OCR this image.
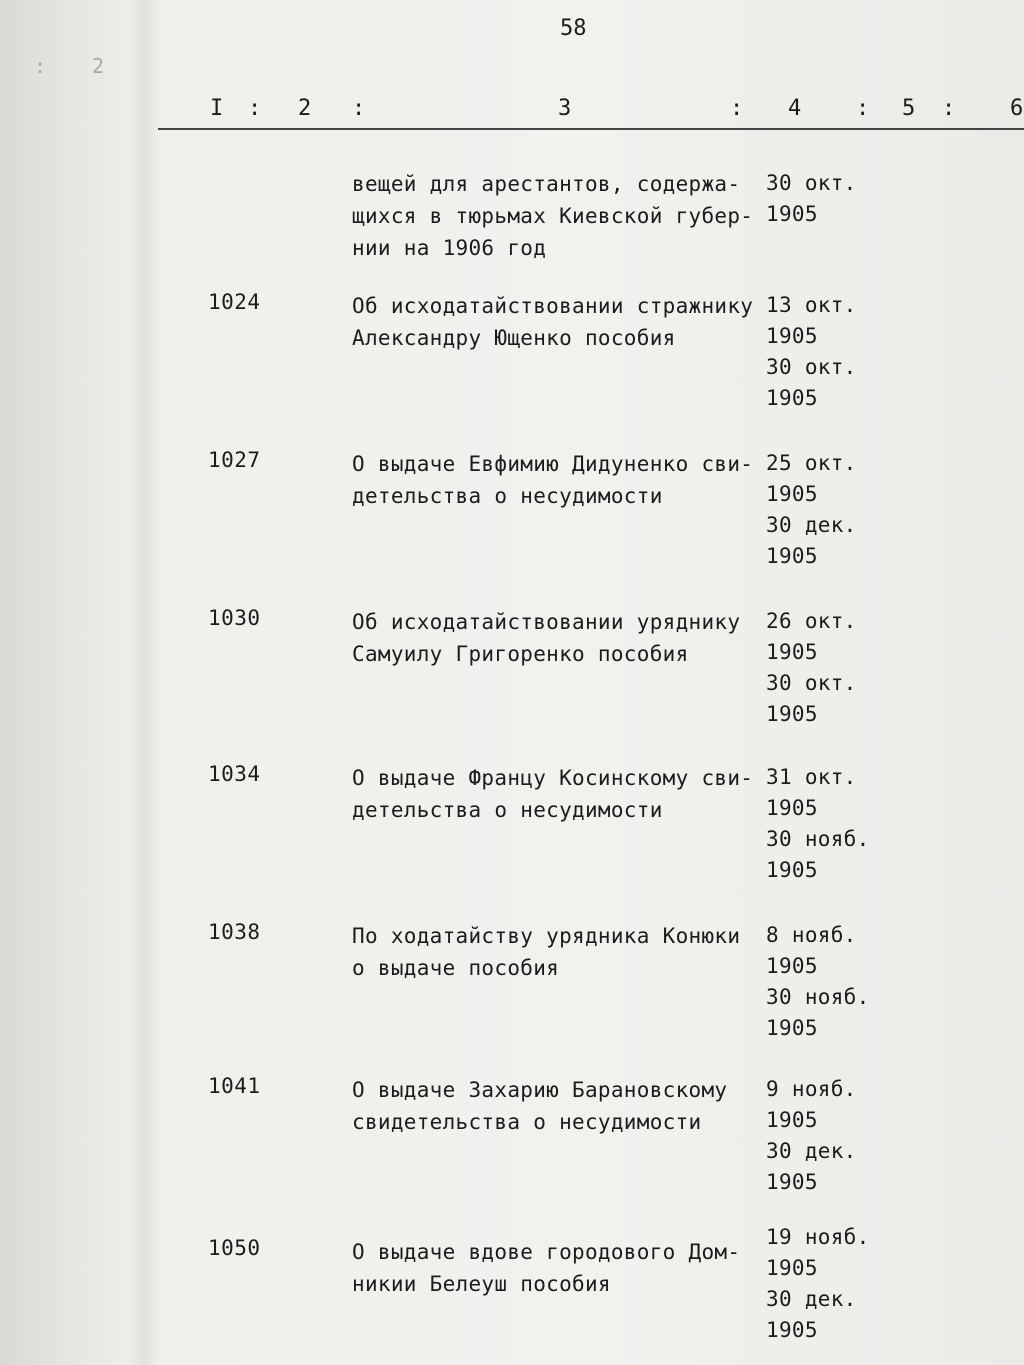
: 2
58
I : 2 :	3	: 4 : 5 : 6
вещей для арестантов, содержа-
щихся в тюрьмах Киевской губер-
нии на 1906 год
30 окт.
1905
1024	Об исходатайствовании стражнику
Александру Ющенко пособия
13 окт.
1905
30 окт.
1905
1027	О выдаче Евфимию Дидуненко сви-
детельства о несудимости
25 окт.
1905
30 дек.
1905
1030	Об исходатайствовании уряднику
Самуилу Григоренко пособия
26 окт.
1905
30 окт.
1905
1034	О выдаче Францу Косинскому сви-
детельства о несудимости
31 окт.
1905
30 нояб.
1905
1038	По ходатайству урядника Конюки
о выдаче пособия
8 нояб.
1905
30 нояб.
1905
1041	О выдаче Захарию Барановскому
свидетельства о несудимости
9 нояб.
1905
30 дек.
1905
1050	О выдаче вдове городового Дом-
никии Белеуш пособия
19 нояб.
1905
30 дек.
1905
